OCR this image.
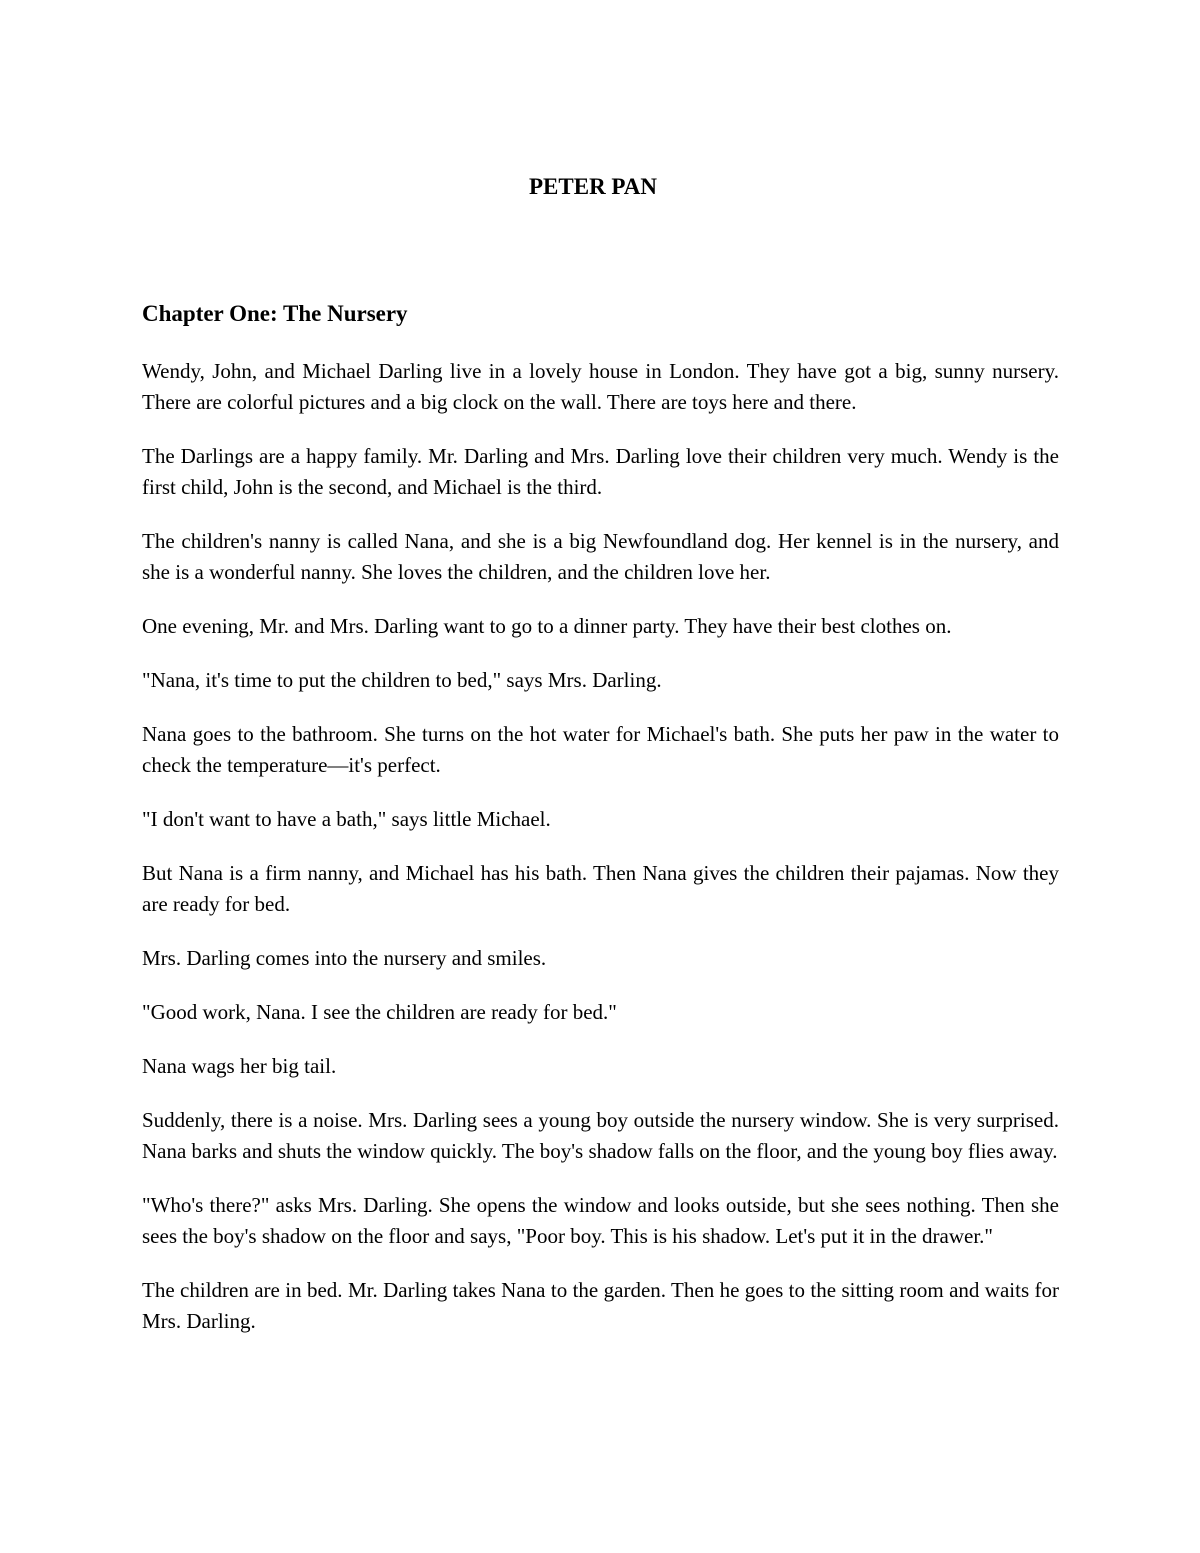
PETER PAN
Chapter One: The Nursery

Wendy, John, and Michael Darling live in a lovely house in London. They have got a big, sunny nursery. There are colorful pictures and a big clock on the wall. There are toys here and there.

The Darlings are a happy family. Mr. Darling and Mrs. Darling love their children very much. Wendy is the first child, John is the second, and Michael is the third.

The children's nanny is called Nana, and she is a big Newfoundland dog. Her kennel is in the nursery, and she is a wonderful nanny. She loves the children, and the children love her.

One evening, Mr. and Mrs. Darling want to go to a dinner party. They have their best clothes on.

"Nana, it's time to put the children to bed," says Mrs. Darling.

Nana goes to the bathroom. She turns on the hot water for Michael's bath. She puts her paw in the water to check the temperature—it's perfect.

"I don't want to have a bath," says little Michael.

But Nana is a firm nanny, and Michael has his bath. Then Nana gives the children their pajamas. Now they are ready for bed.

Mrs. Darling comes into the nursery and smiles.

"Good work, Nana. I see the children are ready for bed."

Nana wags her big tail.

Suddenly, there is a noise. Mrs. Darling sees a young boy outside the nursery window. She is very surprised. Nana barks and shuts the window quickly. The boy's shadow falls on the floor, and the young boy flies away.

"Who's there?" asks Mrs. Darling. She opens the window and looks outside, but she sees nothing. Then she sees the boy's shadow on the floor and says, "Poor boy. This is his shadow. Let's put it in the drawer."

The children are in bed. Mr. Darling takes Nana to the garden. Then he goes to the sitting room and waits for Mrs. Darling.
